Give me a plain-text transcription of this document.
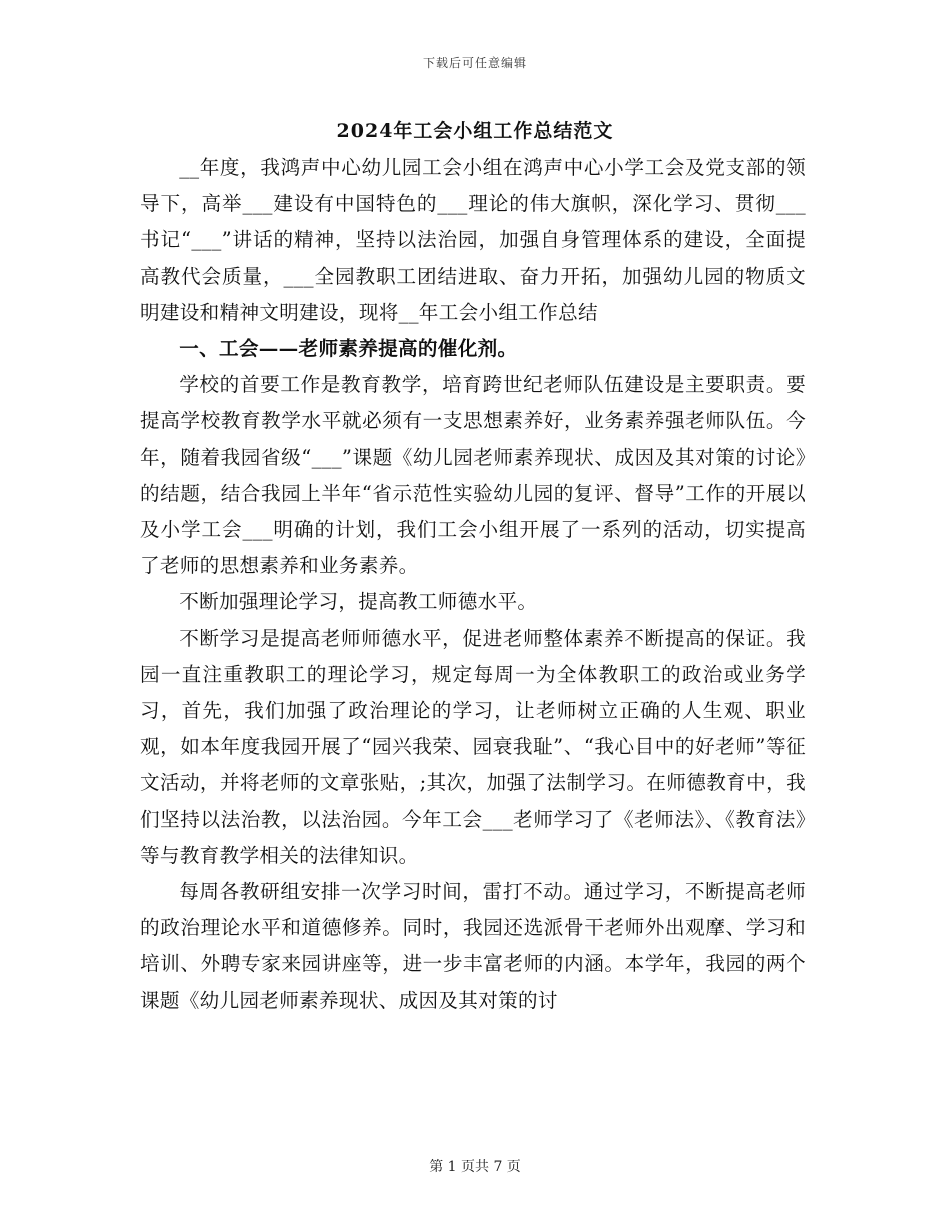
下载后可任意编辑
2024年工会小组工作总结范文

__年度，我鸿声中心幼儿园工会小组在鸿声中心小学工会及党支部的领导下，高举___建设有中国特色的___理论的伟大旗帜，深化学习、贯彻___书记“___”讲话的精神，坚持以法治园，加强自身管理体系的建设，全面提高教代会质量，___全园教职工团结进取、奋力开拓，加强幼儿园的物质文明建设和精神文明建设，现将__年工会小组工作总结

一、工会——老师素养提高的催化剂。

学校的首要工作是教育教学，培育跨世纪老师队伍建设是主要职责。要提高学校教育教学水平就必须有一支思想素养好，业务素养强老师队伍。今年，随着我园省级“___”课题《幼儿园老师素养现状、成因及其对策的讨论》的结题，结合我园上半年“省示范性实验幼儿园的复评、督导”工作的开展以及小学工会___明确的计划，我们工会小组开展了一系列的活动，切实提高了老师的思想素养和业务素养。

不断加强理论学习，提高教工师德水平。

不断学习是提高老师师德水平，促进老师整体素养不断提高的保证。我园一直注重教职工的理论学习，规定每周一为全体教职工的政治或业务学习，首先，我们加强了政治理论的学习，让老师树立正确的人生观、职业观，如本年度我园开展了“园兴我荣、园衰我耻”、“我心目中的好老师”等征文活动，并将老师的文章张贴，;其次，加强了法制学习。在师德教育中，我们坚持以法治教，以法治园。今年工会___老师学习了《老师法》、《教育法》等与教育教学相关的法律知识。

每周各教研组安排一次学习时间，雷打不动。通过学习，不断提高老师的政治理论水平和道德修养。同时，我园还选派骨干老师外出观摩、学习和培训、外聘专家来园讲座等，进一步丰富老师的内涵。本学年，我园的两个课题《幼儿园老师素养现状、成因及其对策的讨

第 1 页共 7 页
